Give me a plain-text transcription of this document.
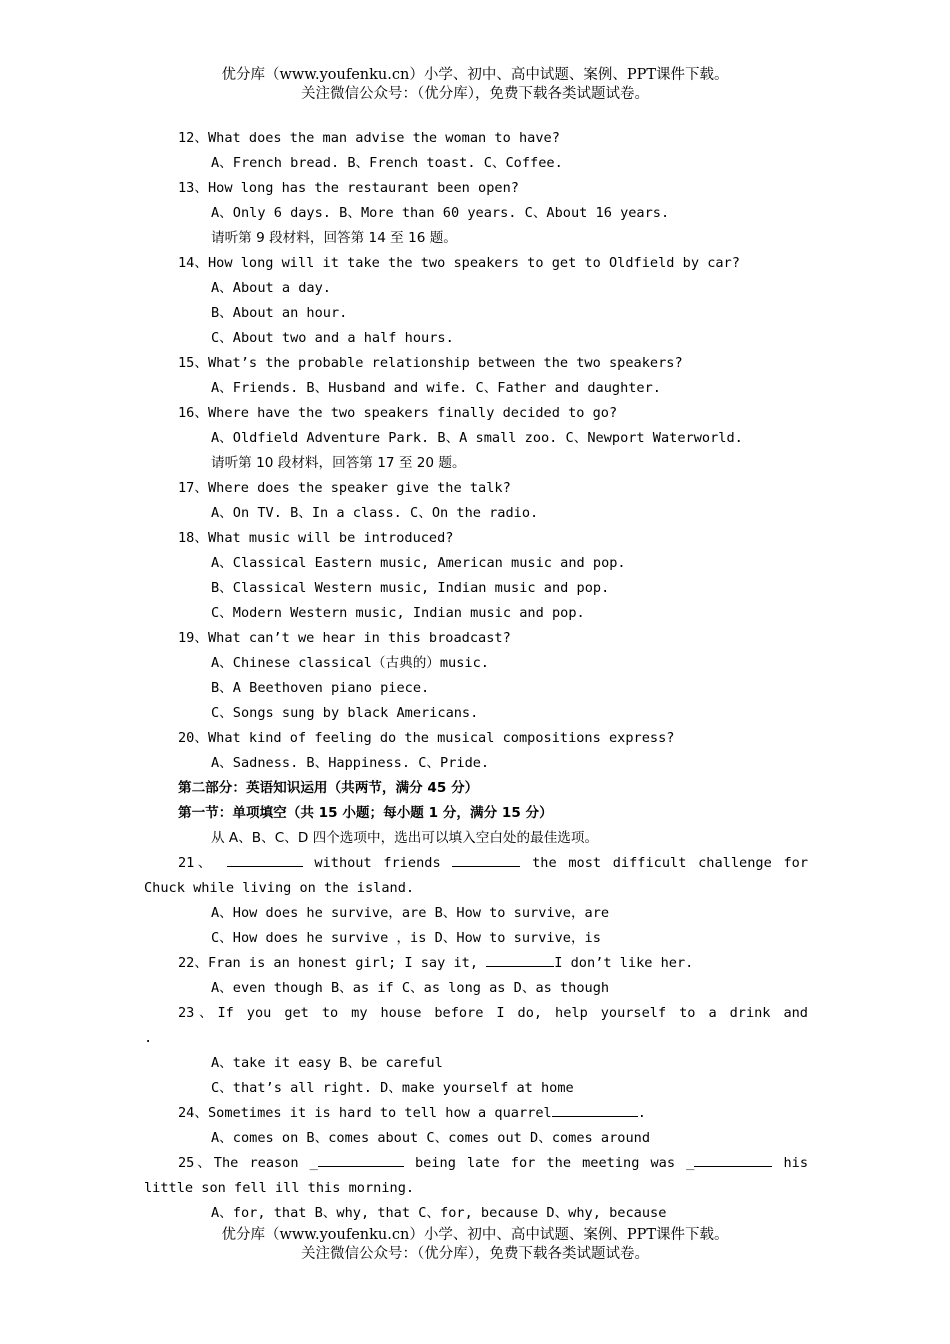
优分库（www.youfenku.cn）小学、初中、高中试题、案例、PPT课件下载。
关注微信公众号：（优分库），免费下载各类试题试卷。
12、What does the man advise the woman to have?
A、French bread. B、French toast. C、Coffee.
13、How long has the restaurant been open?
A、Only 6 days. B、More than 60 years. C、About 16 years.
请听第 9 段材料，回答第 14 至 16 题。
14、How long will it take the two speakers to get to Oldfield by car?
A、About a day.
B、About an hour.
C、About two and a half hours.
15、What’s the probable relationship between the two speakers?
A、Friends. B、Husband and wife. C、Father and daughter.
16、Where have the two speakers finally decided to go?
A、Oldfield Adventure Park. B、A small zoo. C、Newport Waterworld.
请听第 10 段材料，回答第 17 至 20 题。
17、Where does the speaker give the talk?
A、On TV. B、In a class. C、On the radio.
18、What music will be introduced?
A、Classical Eastern music, American music and pop.
B、Classical Western music, Indian music and pop.
C、Modern Western music, Indian music and pop.
19、What can’t we hear in this broadcast?
A、Chinese classical（古典的）music.
B、A Beethoven piano piece.
C、Songs sung by black Americans.
20、What kind of feeling do the musical compositions express?
A、Sadness. B、Happiness. C、Pride.
第二部分：英语知识运用（共两节，满分 45 分）
第一节：单项填空（共 15 小题；每小题 1 分，满分 15 分）
从 A、B、C、D 四个选项中，选出可以填入空白处的最佳选项。
21、	without friends	the most difficult challenge for
Chuck while living on the island.
A、How does he survive，are B、How to survive，are
C、How does he survive ，is D、How to survive，is
22、Fran is an honest girl; I say it,	I don’t like her.
A、even though B、as if C、as long as D、as though
23、If you get to my house before I do, help yourself to a drink and
.
A、take it easy B、be careful
C、that’s all right. D、make yourself at home
24、Sometimes it is hard to tell how a quarrel	.
A、comes on B、comes about C、comes out D、comes around
25、The reason _	being late for the meeting was _	his
little son fell ill this morning.
A、for, that B、why, that C、for, because D、why, because
优分库（www.youfenku.cn）小学、初中、高中试题、案例、PPT课件下载。
关注微信公众号：（优分库），免费下载各类试题试卷。
